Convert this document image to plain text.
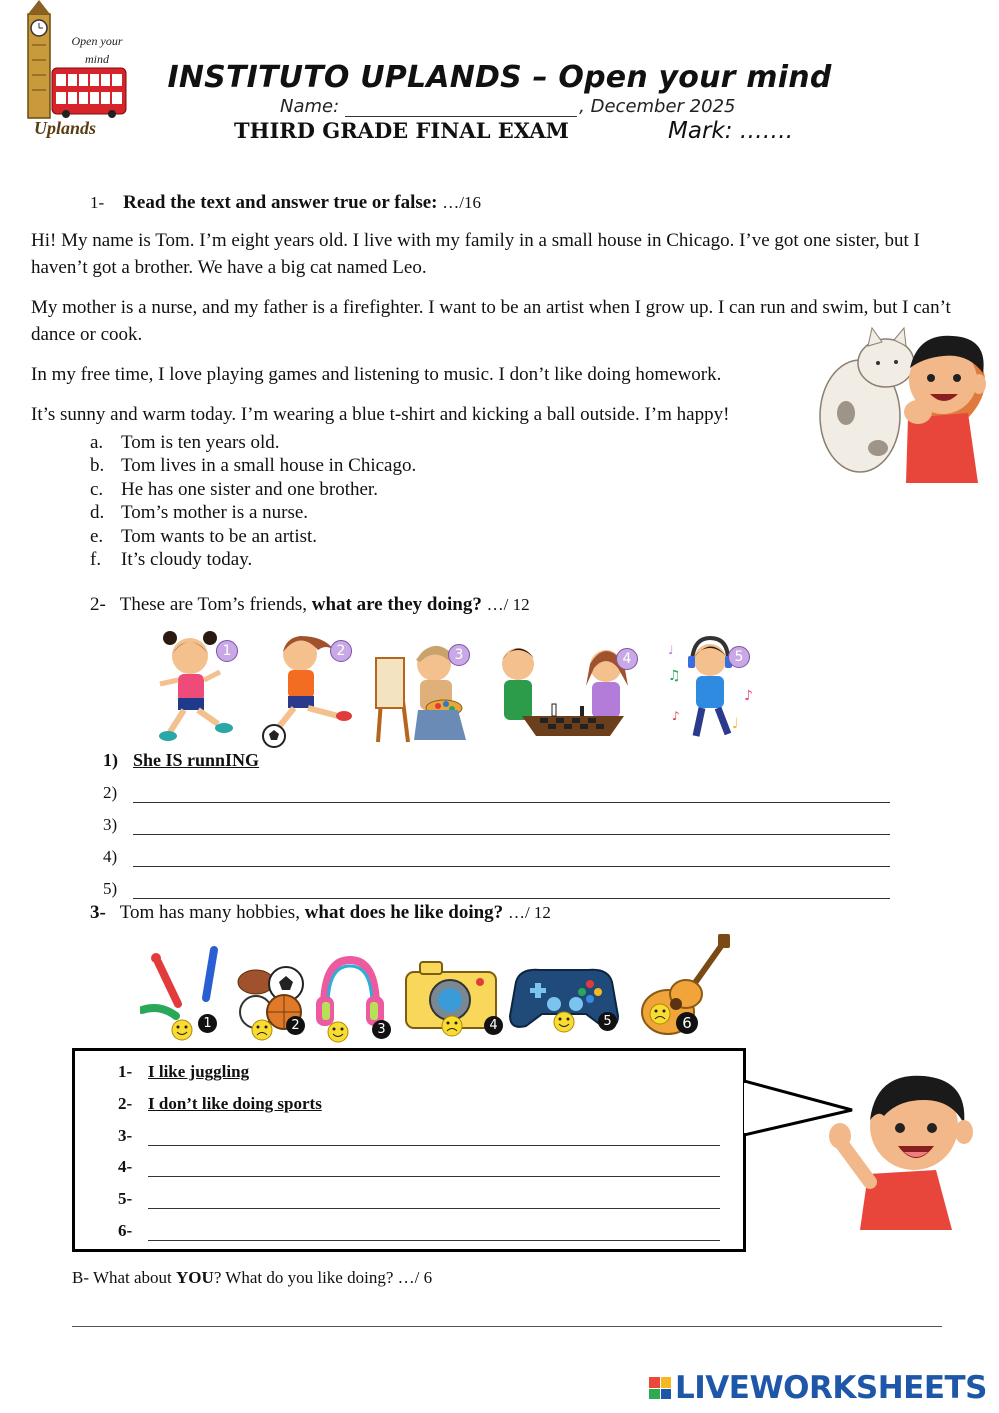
Open your mind
Uplands
INSTITUTO UPLANDS – Open your mind
Name:	, December 2025
THIRD GRADE FINAL EXAM	Mark: …….
1- Read the text and answer true or false: …/16
Hi! My name is Tom. I’m eight years old. I live with my family in a small house in Chicago. I’ve got one sister, but I haven’t got a brother. We have a big cat named Leo.
My mother is a nurse, and my father is a firefighter. I want to be an artist when I grow up. I can run and swim, but I can’t dance or cook.
In my free time, I love playing games and listening to music. I don’t like doing homework.
It’s sunny and warm today. I’m wearing a blue t-shirt and kicking a ball outside. I’m happy!
a. Tom is ten years old.
b. Tom lives in a small house in Chicago.
c. He has one sister and one brother.
d. Tom’s mother is a nurse.
e. Tom wants to be an artist.
f.	It’s cloudy today.
2- These are Tom’s friends, what are they doing? …/ 12
♫
♪
♪
♩
♩
1	2	3	4	5
1) She IS runnING
2)
3)
4)
5)
3- Tom has many hobbies, what does he like doing? …/ 12
1	2	3	4	5	6
1- I like juggling
2- I don’t like doing sports
3-
4-
5-
6-
B- What about YOU? What do you like doing? …/ 6
LIVEWORKSHEETS
